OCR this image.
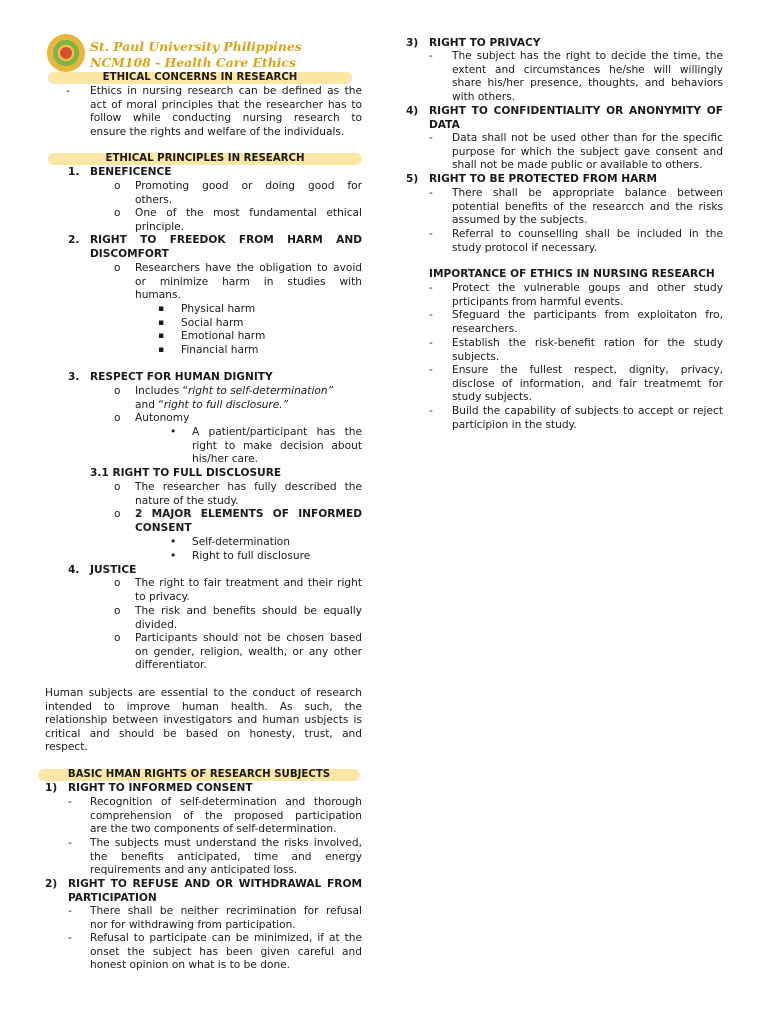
St. Paul University Philippines
NCM108 - Health Care Ethics
ETHICAL CONCERNS IN RESEARCH
- Ethics in nursing research can be defined as the
act of moral principles that the researcher has to
follow while conducting nursing research to
ensure the rights and welfare of the individuals.
ETHICAL PRINCIPLES IN RESEARCH
1. BENEFICENCE
o Promoting good or doing good for
others.
o One of the most fundamental ethical
principle.
2. RIGHT TO FREEDOK FROM HARM AND
DISCOMFORT
o Researchers have the obligation to avoid
or minimize harm in studies with
humans.
▪ Physical harm
▪ Social harm
▪ Emotional harm
▪ Financial harm
3. RESPECT FOR HUMAN DIGNITY
o Includes “right to self-determination”
and “right to full disclosure.”
o Autonomy
• A patient/participant has the
right to make decision about
his/her care.
3.1 RIGHT TO FULL DISCLOSURE
o The researcher has fully described the
nature of the study.
o 2 MAJOR ELEMENTS OF INFORMED
CONSENT
• Self-determination
• Right to full disclosure
4. JUSTICE
o The right to fair treatment and their right
to privacy.
o The risk and benefits should be equally
divided.
o Participants should not be chosen based
on gender, religion, wealth, or any other
differentiator.
Human subjects are essential to the conduct of research
intended to improve human health. As such, the
relationship between investigators and human usbjects is
critical and should be based on honesty, trust, and
respect.
BASIC HMAN RIGHTS OF RESEARCH SUBJECTS
1) RIGHT TO INFORMED CONSENT
- Recognition of self-determination and thorough
comprehension of the proposed participation
are the two components of self-determination.
- The subjects must understand the risks involved,
the benefits anticipated, time and energy
requirements and any anticipated loss.
2) RIGHT TO REFUSE AND OR WITHDRAWAL FROM
PARTICIPATION
- There shall be neither recrimination for refusal
nor for withdrawing from participation.
- Refusal to participate can be minimized, if at the
onset the subject has been given careful and
honest opinion on what is to be done.
3) RIGHT TO PRIVACY
- The subject has the right to decide the time, the
extent and circumstances he/she will willingly
share his/her presence, thoughts, and behaviors
with others.
4) RIGHT TO CONFIDENTIALITY OR ANONYMITY OF
DATA
- Data shall not be used other than for the specific
purpose for which the subject gave consent and
shall not be made public or available to others.
5) RIGHT TO BE PROTECTED FROM HARM
- There shall be appropriate balance between
potential benefits of the researcch and the risks
assumed by the subjects.
- Referral to counselling shall be included in the
study protocol if necessary.
IMPORTANCE OF ETHICS IN NURSING RESEARCH
- Protect the vulnerable goups and other study
prticipants from harmful events.
- Sfeguard the participants from exploitaton fro,
researchers.
- Establish the risk-benefit ration for the study
subjects.
- Ensure the fullest respect, dignity, privacy,
disclose of information, and fair treatmemt for
study subjects.
- Build the capability of subjects to accept or reject
participion in the study.
